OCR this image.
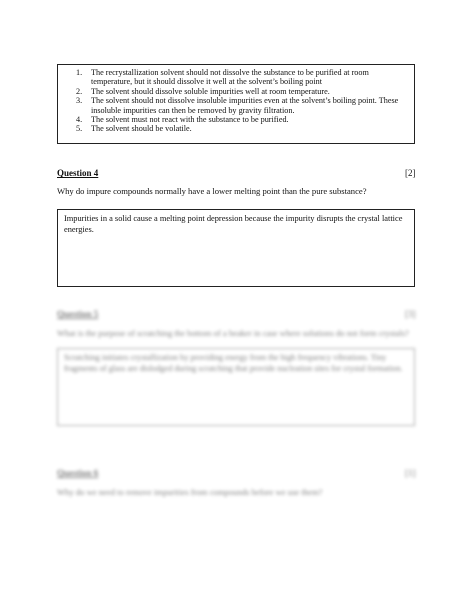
1. The recrystallization solvent should not dissolve the substance to be purified at room temperature, but it should dissolve it well at the solvent’s boiling point
2. The solvent should dissolve soluble impurities well at room temperature.
3. The solvent should not dissolve insoluble impurities even at the solvent’s boiling point. These insoluble impurities can then be removed by gravity filtration.
4. The solvent must not react with the substance to be purified.
5. The solvent should be volatile.
Question 4	[2]
Why do impure compounds normally have a lower melting point than the pure substance?
Impurities in a solid cause a melting point depression because the impurity disrupts the crystal lattice energies.
Question 5	[3]
What is the purpose of scratching the bottom of a beaker in case where solutions do not form crystals?
Scratching initiates crystallization by providing energy from the high frequency vibrations. Tiny fragments of glass are dislodged during scratching that provide nucleation sites for crystal formation.
Question 6	[1]
Why do we need to remove impurities from compounds before we use them?
